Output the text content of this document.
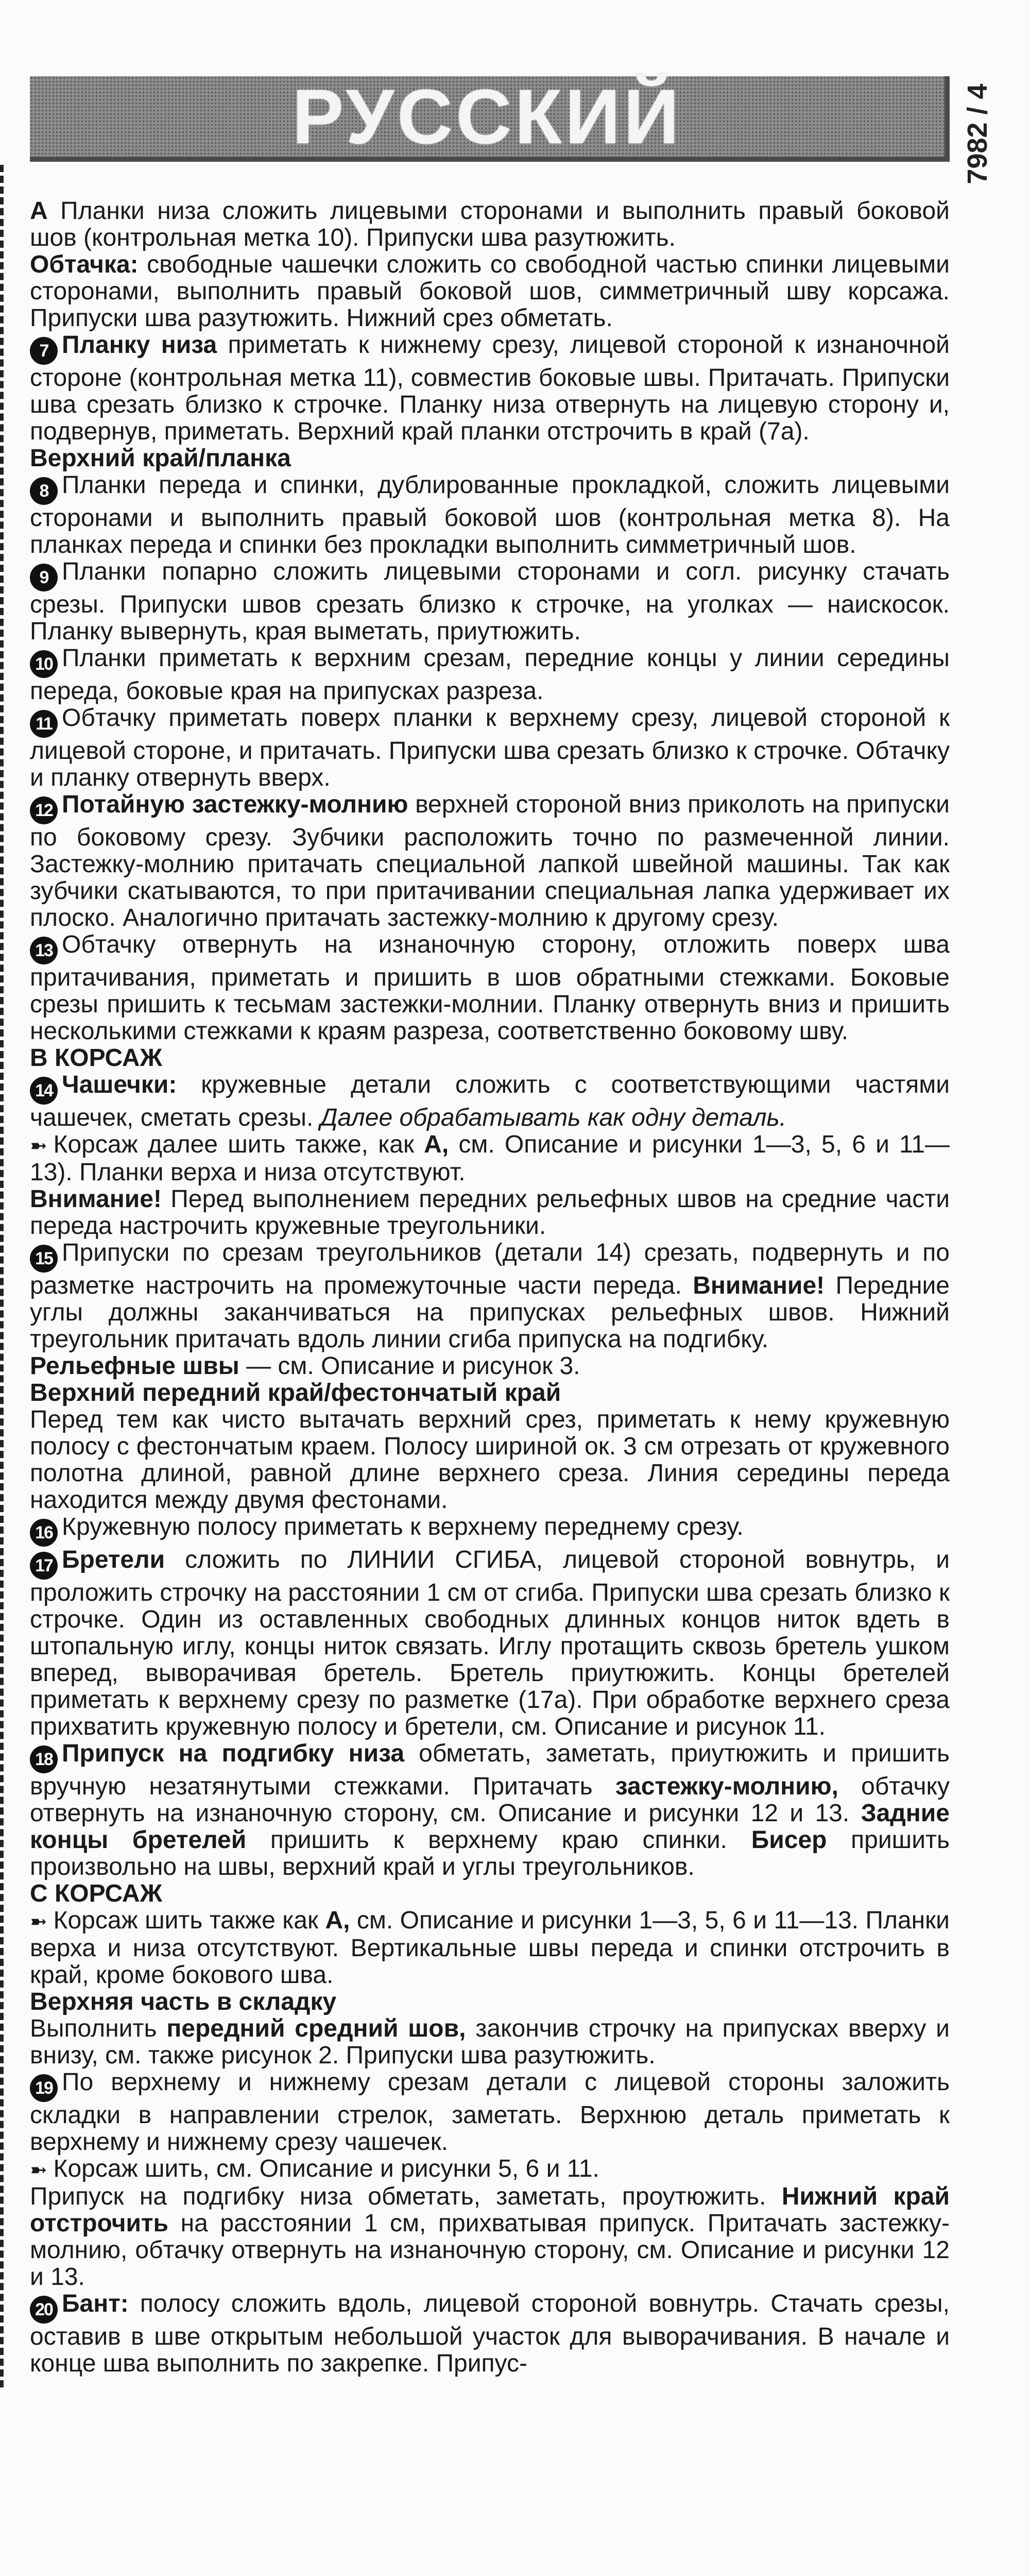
РУССКИЙ	7982 / 4

А Планки низа сложить лицевыми сторонами и выполнить правый боковой шов (контрольная метка 10). Припуски шва разутюжить.

Обтачка: свободные чашечки сложить со свободной частью спинки лицевыми сторонами, выполнить правый боковой шов, симметричный шву корсажа. Припуски шва разутюжить. Нижний срез обметать.

7 Планку низа приметать к нижнему срезу, лицевой стороной к изнаночной стороне (контрольная метка 11), совместив боковые швы. Притачать. Припуски шва срезать близко к строчке. Планку низа отвернуть на лицевую сторону и, подвернув, приметать. Верхний край планки отстрочить в край (7а).

Верхний край/планка

8 Планки переда и спинки, дублированные прокладкой, сложить лицевыми сторонами и выполнить правый боковой шов (контрольная метка 8). На планках переда и спинки без прокладки выполнить симметричный шов.

9 Планки попарно сложить лицевыми сторонами и согл. рисунку стачать срезы. Припуски швов срезать близко к строчке, на уголках — наискосок. Планку вывернуть, края выметать, приутюжить.

10 Планки приметать к верхним срезам, передние концы у линии середины переда, боковые края на припусках разреза.

11 Обтачку приметать поверх планки к верхнему срезу, лицевой стороной к лицевой стороне, и притачать. Припуски шва срезать близко к строчке. Обтачку и планку отвернуть вверх.

12 Потайную застежку-молнию верхней стороной вниз приколоть на припуски по боковому срезу. Зубчики расположить точно по размеченной линии. Застежку-молнию притачать специальной лапкой швейной машины. Так как зубчики скатываются, то при притачивании специальная лапка удерживает их плоско. Аналогично притачать застежку-молнию к другому срезу.

13 Обтачку отвернуть на изнаночную сторону, отложить поверх шва притачивания, приметать и пришить в шов обратными стежками. Боковые срезы пришить к тесьмам застежки-молнии. Планку отвернуть вниз и пришить несколькими стежками к краям разреза, соответственно боковому шву.

В КОРСАЖ

14 Чашечки: кружевные детали сложить с соответствующими частями чашечек, сметать срезы. Далее обрабатывать как одну деталь.

➼ Корсаж далее шить также, как А, см. Описание и рисунки 1—3, 5, 6 и 11—13). Планки верха и низа отсутствуют.

Внимание! Перед выполнением передних рельефных швов на средние части переда настрочить кружевные треугольники.

15 Припуски по срезам треугольников (детали 14) срезать, подвернуть и по разметке настрочить на промежуточные части переда. Внимание! Передние углы должны заканчиваться на припусках рельефных швов. Нижний треугольник притачать вдоль линии сгиба припуска на подгибку.

Рельефные швы — см. Описание и рисунок 3.

Верхний передний край/фестончатый край

Перед тем как чисто вытачать верхний срез, приметать к нему кружевную полосу с фестончатым краем. Полосу шириной ок. 3 см отрезать от кружевного полотна длиной, равной длине верхнего среза. Линия середины переда находится между двумя фестонами.

16 Кружевную полосу приметать к верхнему переднему срезу.

17 Бретели сложить по ЛИНИИ СГИБА, лицевой стороной вовнутрь, и проложить строчку на расстоянии 1 см от сгиба. Припуски шва срезать близко к строчке. Один из оставленных свободных длинных концов ниток вдеть в штопальную иглу, концы ниток связать. Иглу протащить сквозь бретель ушком вперед, выворачивая бретель. Бретель приутюжить. Концы бретелей приметать к верхнему срезу по разметке (17а). При обработке верхнего среза прихватить кружевную полосу и бретели, см. Описание и рисунок 11.

18 Припуск на подгибку низа обметать, заметать, приутюжить и пришить вручную незатянутыми стежками. Притачать застежку-молнию, обтачку отвернуть на изнаночную сторону, см. Описание и рисунки 12 и 13. Задние концы бретелей пришить к верхнему краю спинки. Бисер пришить произвольно на швы, верхний край и углы треугольников.

С КОРСАЖ

➼ Корсаж шить также как А, см. Описание и рисунки 1—3, 5, 6 и 11—13. Планки верха и низа отсутствуют. Вертикальные швы переда и спинки отстрочить в край, кроме бокового шва.

Верхняя часть в складку

Выполнить передний средний шов, закончив строчку на припусках вверху и внизу, см. также рисунок 2. Припуски шва разутюжить.

19 По верхнему и нижнему срезам детали с лицевой стороны заложить складки в направлении стрелок, заметать. Верхнюю деталь приметать к верхнему и нижнему срезу чашечек.

➼ Корсаж шить, см. Описание и рисунки 5, 6 и 11.

Припуск на подгибку низа обметать, заметать, проутюжить. Нижний край отстрочить на расстоянии 1 см, прихватывая припуск. Притачать застежку-молнию, обтачку отвернуть на изнаночную сторону, см. Описание и рисунки 12 и 13.

20 Бант: полосу сложить вдоль, лицевой стороной вовнутрь. Стачать срезы, оставив в шве открытым небольшой участок для выворачивания. В начале и конце шва выполнить по закрепке. Припус-
